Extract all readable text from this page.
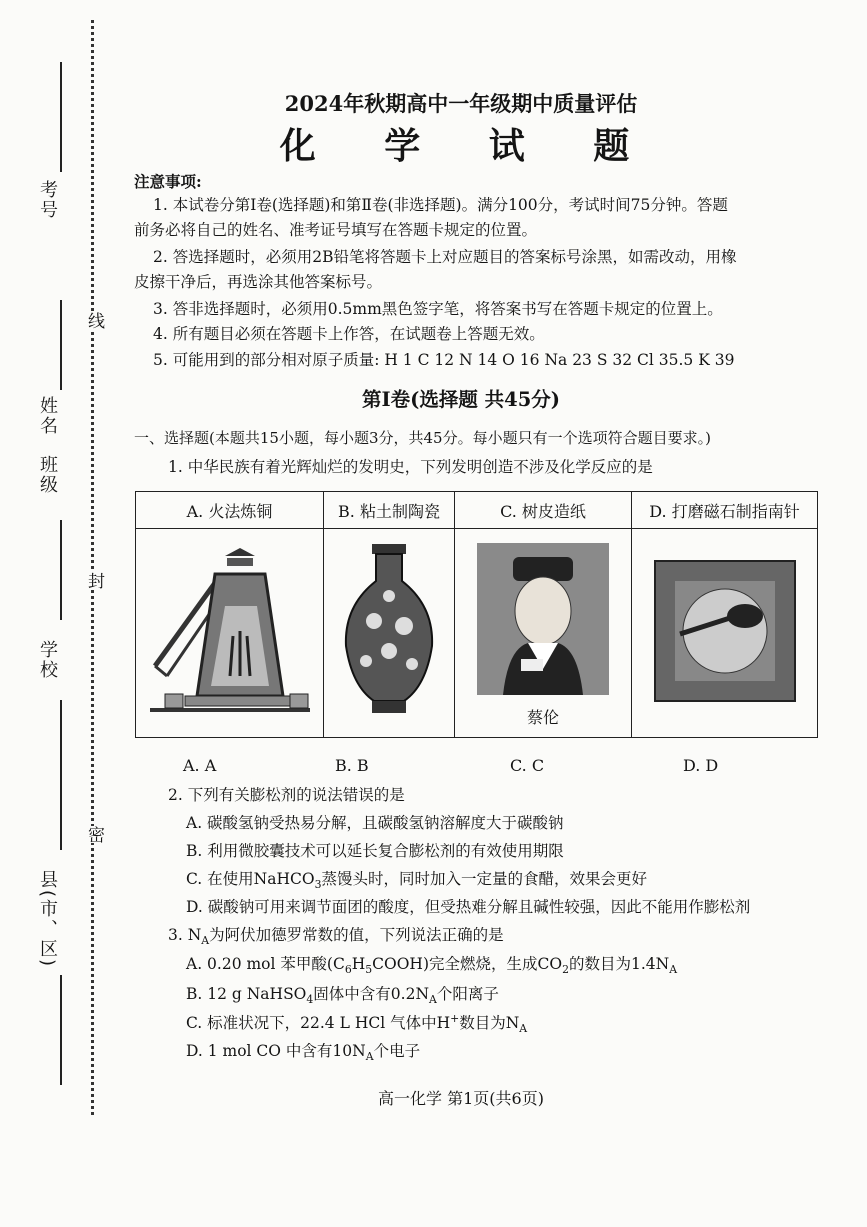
考号
姓名
班级
学校
县(市、区)
线
封
密
2024年秋期高中一年级期中质量评估
化 学 试 题
注意事项:
1. 本试卷分第Ⅰ卷(选择题)和第Ⅱ卷(非选择题)。满分100分，考试时间75分钟。答题
前务必将自己的姓名、准考证号填写在答题卡规定的位置。
2. 答选择题时，必须用2B铅笔将答题卡上对应题目的答案标号涂黑，如需改动，用橡
皮擦干净后，再选涂其他答案标号。
3. 答非选择题时，必须用0.5mm黑色签字笔，将答案书写在答题卡规定的位置上。
4. 所有题目必须在答题卡上作答，在试题卷上答题无效。
5. 可能用到的部分相对原子质量: H 1 C 12 N 14 O 16 Na 23 S 32 Cl 35.5 K 39
第Ⅰ卷(选择题 共45分)
一、选择题(本题共15小题，每小题3分，共45分。每小题只有一个选项符合题目要求。)
1. 中华民族有着光辉灿烂的发明史，下列发明创造不涉及化学反应的是
A. 火法炼铜	B. 粘土制陶瓷	C. 树皮造纸	D. 打磨磁石制指南针

蔡伦

A. A	B. B	C. C	D. D
2. 下列有关膨松剂的说法错误的是
A. 碳酸氢钠受热易分解，且碳酸氢钠溶解度大于碳酸钠
B. 利用微胶囊技术可以延长复合膨松剂的有效使用期限
C. 在使用NaHCO$_3$蒸馒头时，同时加入一定量的食醋，效果会更好
D. 碳酸钠可用来调节面团的酸度，但受热难分解且碱性较强，因此不能用作膨松剂
3. $N_A$为阿伏加德罗常数的值，下列说法正确的是
A. 0.20 mol 苯甲酸$(C_6H_5COOH)$完全燃烧，生成$CO_2$的数目为$1.4N_A$
B. 12 g NaHSO$_4$固体中含有$0.2N_A$个阳离子
C. 标准状况下，22.4 L HCl 气体中H+数目为$N_A$
D. 1 mol CO 中含有$10N_A$个电子
高一化学 第1页(共6页)
